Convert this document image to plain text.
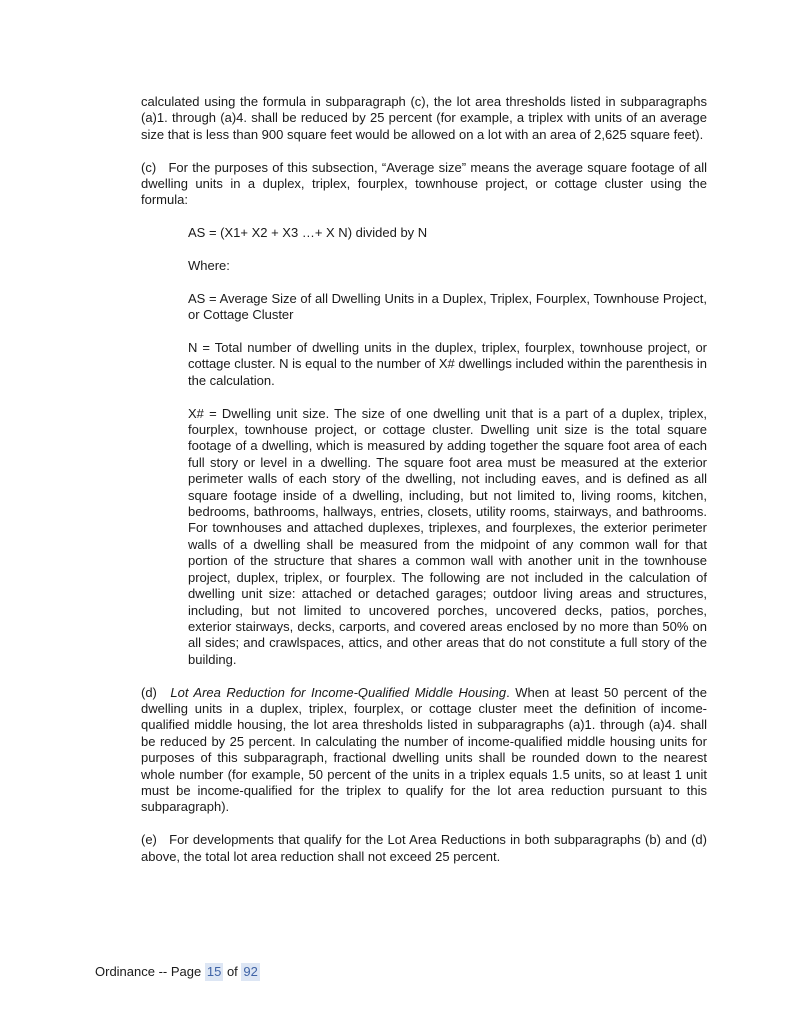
calculated using the formula in subparagraph (c), the lot area thresholds listed in subparagraphs (a)1. through (a)4. shall be reduced by 25 percent (for example, a triplex with units of an average size that is less than 900 square feet would be allowed on a lot with an area of 2,625 square feet).

(c) For the purposes of this subsection, “Average size” means the average square footage of all dwelling units in a duplex, triplex, fourplex, townhouse project, or cottage cluster using the formula:

AS = (X1+ X2 + X3 …+ X N) divided by N

Where:

AS = Average Size of all Dwelling Units in a Duplex, Triplex, Fourplex, Townhouse Project, or Cottage Cluster

N = Total number of dwelling units in the duplex, triplex, fourplex, townhouse project, or cottage cluster. N is equal to the number of X# dwellings included within the parenthesis in the calculation.

X# = Dwelling unit size. The size of one dwelling unit that is a part of a duplex, triplex, fourplex, townhouse project, or cottage cluster. Dwelling unit size is the total square footage of a dwelling, which is measured by adding together the square foot area of each full story or level in a dwelling. The square foot area must be measured at the exterior perimeter walls of each story of the dwelling, not including eaves, and is defined as all square footage inside of a dwelling, including, but not limited to, living rooms, kitchen, bedrooms, bathrooms, hallways, entries, closets, utility rooms, stairways, and bathrooms. For townhouses and attached duplexes, triplexes, and fourplexes, the exterior perimeter walls of a dwelling shall be measured from the midpoint of any common wall for that portion of the structure that shares a common wall with another unit in the townhouse project, duplex, triplex, or fourplex. The following are not included in the calculation of dwelling unit size: attached or detached garages; outdoor living areas and structures, including, but not limited to uncovered porches, uncovered decks, patios, porches, exterior stairways, decks, carports, and covered areas enclosed by no more than 50% on all sides; and crawlspaces, attics, and other areas that do not constitute a full story of the building.

(d) Lot Area Reduction for Income-Qualified Middle Housing. When at least 50 percent of the dwelling units in a duplex, triplex, fourplex, or cottage cluster meet the definition of income-qualified middle housing, the lot area thresholds listed in subparagraphs (a)1. through (a)4. shall be reduced by 25 percent. In calculating the number of income-qualified middle housing units for purposes of this subparagraph, fractional dwelling units shall be rounded down to the nearest whole number (for example, 50 percent of the units in a triplex equals 1.5 units, so at least 1 unit must be income-qualified for the triplex to qualify for the lot area reduction pursuant to this subparagraph).

(e) For developments that qualify for the Lot Area Reductions in both subparagraphs (b) and (d) above, the total lot area reduction shall not exceed 25 percent.

Ordinance -- Page 15 of 92
